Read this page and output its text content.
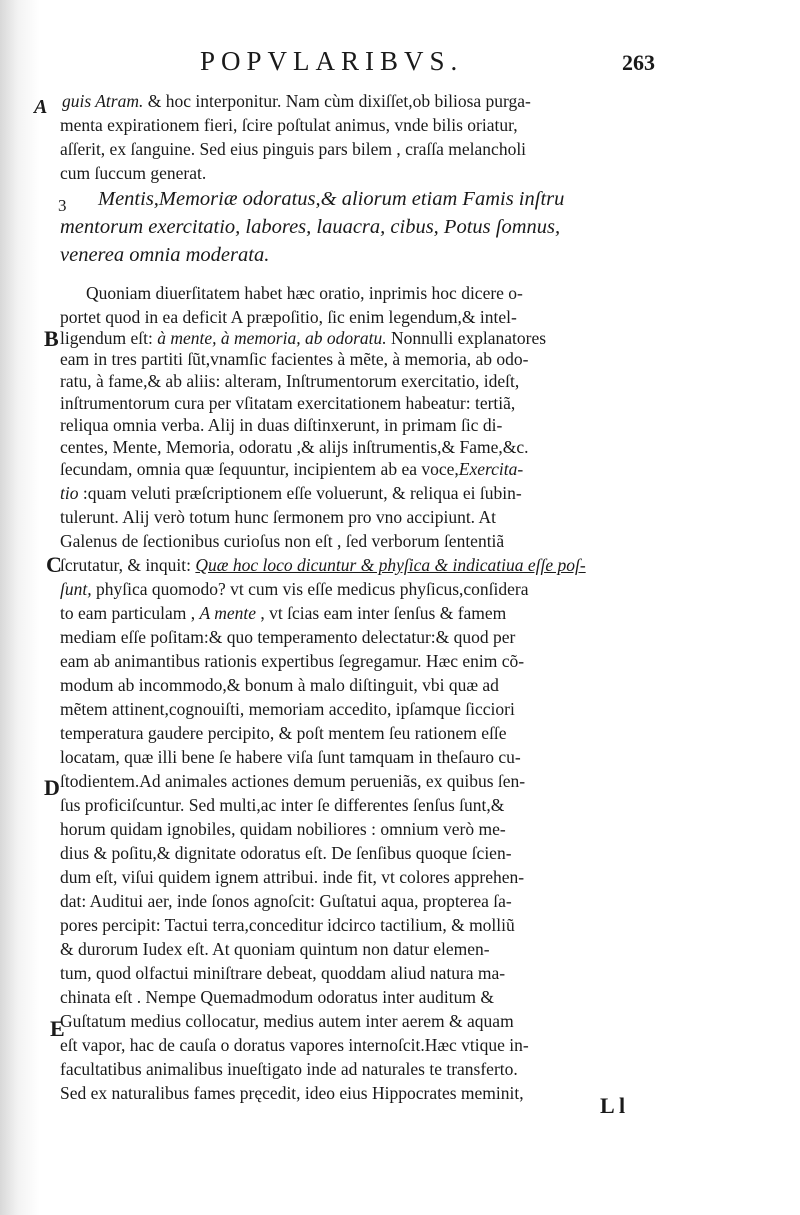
POPVLARIBVS.	263
A
B
C
D
E
guis Atram. & hoc interponitur. Nam cùm dixiſſet,ob biliosa purga-
menta expirationem fieri, ſcire poſtulat animus, vnde bilis oriatur,
aſſerit, ex ſanguine. Sed eius pinguis pars bilem , craſſa melancholi
cum ſuccum generat.
3 Mentis,Memoriæ odoratus,& aliorum etiam Famis inſtru
mentorum exercitatio, labores, lauacra, cibus, Potus ſomnus,
venerea omnia moderata.
Quoniam diuerſitatem habet hæc oratio, inprimis hoc dicere o-
portet quod in ea deficit A præpoſitio, ſic enim legendum,& intel-
ligendum eſt: à mente, à memoria, ab odoratu. Nonnulli explanatores
eam in tres partiti ſũt,vnamſic facientes à mẽte, à memoria, ab odo-
ratu, à fame,& ab aliis: alteram, Inſtrumentorum exercitatio, ideſt,
inſtrumentorum cura per vſitatam exercitationem habeatur: tertiã,
reliqua omnia verba. Alij in duas diſtinxerunt, in primam ſic di-
centes, Mente, Memoria, odoratu ,& alijs inſtrumentis,& Fame,&c.
ſecundam, omnia quæ ſequuntur, incipientem ab ea voce,Exercita-
tio :quam veluti præſcriptionem eſſe voluerunt, & reliqua ei ſubin-
tulerunt. Alij verò totum hunc ſermonem pro vno accipiunt. At
Galenus de ſectionibus curioſus non eſt , ſed verborum ſententiã
ſcrutatur, & inquit: Quæ hoc loco dicuntur & phyſica & indicatiua eſſe poſ-
ſunt, phyſica quomodo? vt cum vis eſſe medicus phyſicus,conſidera
to eam particulam , A mente , vt ſcias eam inter ſenſus & famem
mediam eſſe poſitam:& quo temperamento delectatur:& quod per
eam ab animantibus rationis expertibus ſegregamur. Hæc enim cõ-
modum ab incommodo,& bonum à malo diſtinguit, vbi quæ ad
mẽtem attinent,cognouiſti, memoriam accedito, ipſamque ſicciori
temperatura gaudere percipito, & poſt mentem ſeu rationem eſſe
locatam, quæ illi bene ſe habere viſa ſunt tamquam in theſauro cu-
ſtodientem.Ad animales actiones demum perueniãs, ex quibus ſen-
ſus proficiſcuntur. Sed multi,ac inter ſe differentes ſenſus ſunt,&
horum quidam ignobiles, quidam nobiliores : omnium verò me-
dius & poſitu,& dignitate odoratus eſt. De ſenſibus quoque ſcien-
dum eſt, viſui quidem ignem attribui. inde fit, vt colores apprehen-
dat: Auditui aer, inde ſonos agnoſcit: Guſtatui aqua, propterea ſa-
pores percipit: Tactui terra,conceditur idcirco tactilium, & molliũ
& durorum Iudex eſt. At quoniam quintum non datur elemen-
tum, quod olfactui miniſtrare debeat, quoddam aliud natura ma-
chinata eſt . Nempe Quemadmodum odoratus inter auditum &
Guſtatum medius collocatur, medius autem inter aerem & aquam
eſt vapor, hac de cauſa o doratus vapores internoſcit.Hæc vtique in-
facultatibus animalibus inueſtigato inde ad naturales te transferto.
Sed ex naturalibus fames pręcedit, ideo eius Hippocrates meminit,	L l
